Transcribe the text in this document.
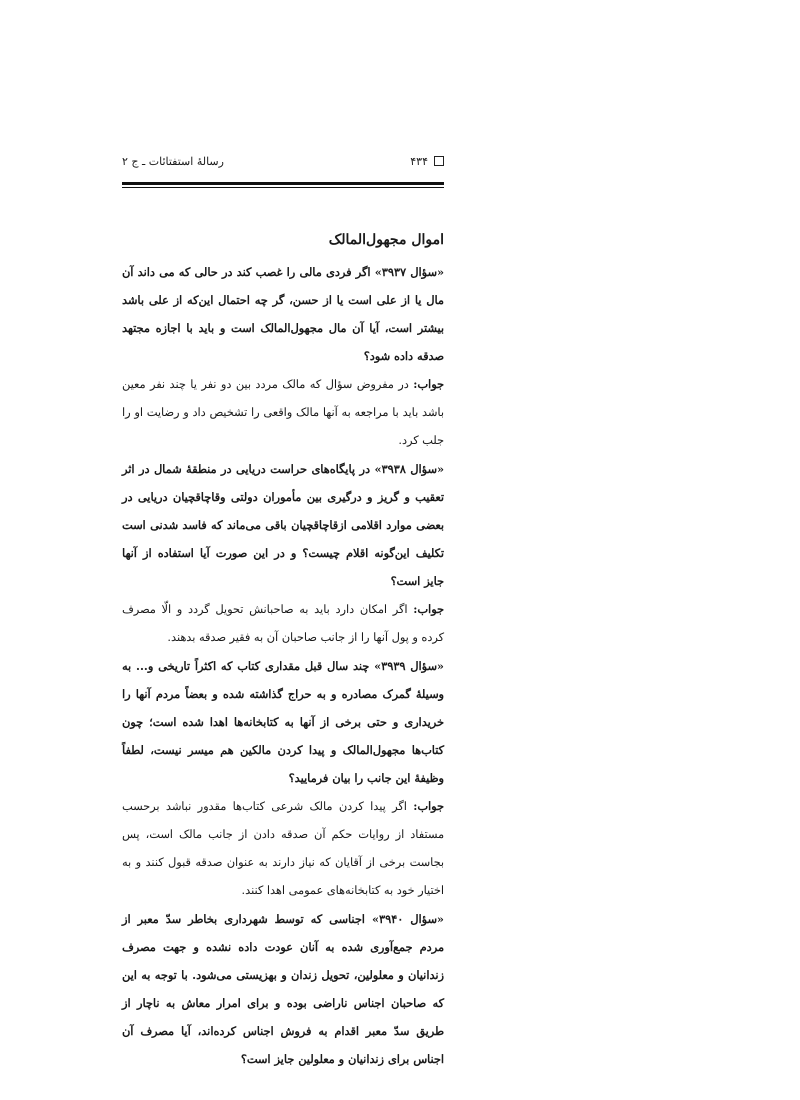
۴۳۴
رسالهٔ استفتائات ـ ج ۲
اموال مجهول‌المالک

«سؤال ۳۹۳۷» اگر فردی مالی را غصب کند در حالی که می داند آن مال یا از علی است یا از حسن، گر چه احتمال این‌که از علی باشد بیشتر است، آیا آن مال مجهول‌المالک است و باید با اجازه مجتهد صدقه داده شود؟

جواب: در مفروض سؤال که مالک مردد بین دو نفر یا چند نفر معین باشد باید با مراجعه به آنها مالک واقعی را تشخیص داد و رضایت او را جلب کرد.

«سؤال ۳۹۳۸» در پایگاه‌های حراست دریایی در منطقهٔ شمال در اثر تعقیب و گریز و درگیری بین مأموران دولتی وقاچاقچیان دریایی در بعضی موارد اقلامی ازقاچاقچیان باقی می‌ماند که فاسد شدنی است تکلیف این‌گونه اقلام چیست؟ و در این صورت آیا استفاده از آنها جایز است؟

جواب: اگر امکان دارد باید به صاحبانش تحویل گردد و الّا مصرف کرده و پول آنها را از جانب صاحبان آن به فقیر صدقه بدهند.

«سؤال ۳۹۳۹» چند سال قبل مقداری کتاب که اکثراً تاریخی و... به وسیلهٔ گمرک مصادره و به حراج گذاشته شده و بعضاً مردم آنها را خریداری و حتی برخی از آنها به کتابخانه‌ها اهدا شده است؛ چون کتاب‌ها مجهول‌المالک و پیدا کردن مالکین هم میسر نیست، لطفاً وظیفهٔ این جانب را بیان فرمایید؟

جواب: اگر پیدا کردن مالک شرعی کتاب‌ها مقدور نباشد برحسب مستفاد از روایات حکم آن صدقه دادن از جانب مالک است، پس بجاست برخی از آقایان که نیاز دارند به عنوان صدقه قبول کنند و به اختیار خود به کتابخانه‌های عمومی اهدا کنند.

«سؤال ۳۹۴۰» اجناسی که توسط شهرداری بخاطر سدّ معبر از مردم جمع‌آوری شده به آنان عودت داده نشده و جهت مصرف زندانیان و معلولین، تحویل زندان و بهزیستی می‌شود. با توجه به این که صاحبان اجناس ناراضی بوده و برای امرار معاش به ناچار از طریق سدّ معبر اقدام به فروش اجناس کرده‌اند، آیا مصرف آن اجناس برای زندانیان و معلولین جایز است؟
